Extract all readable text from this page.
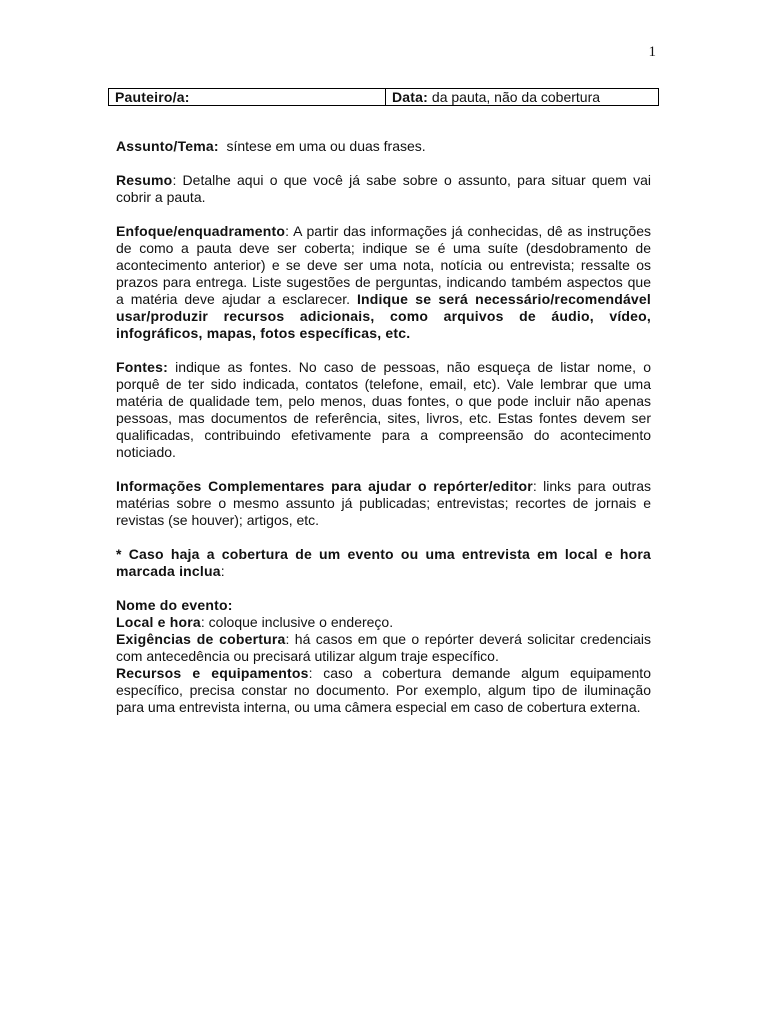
1
Pauteiro/a:	Data: da pauta, não da cobertura

Assunto/Tema: síntese em uma ou duas frases.

Resumo: Detalhe aqui o que você já sabe sobre o assunto, para situar quem vai cobrir a pauta.

Enfoque/enquadramento: A partir das informações já conhecidas, dê as instruções de como a pauta deve ser coberta; indique se é uma suíte (desdobramento de acontecimento anterior) e se deve ser uma nota, notícia ou entrevista; ressalte os prazos para entrega. Liste sugestões de perguntas, indicando também aspectos que a matéria deve ajudar a esclarecer. Indique se será necessário/recomendável usar/produzir recursos adicionais, como arquivos de áudio, vídeo, infográficos, mapas, fotos específicas, etc.

Fontes: indique as fontes. No caso de pessoas, não esqueça de listar nome, o porquê de ter sido indicada, contatos (telefone, email, etc). Vale lembrar que uma matéria de qualidade tem, pelo menos, duas fontes, o que pode incluir não apenas pessoas, mas documentos de referência, sites, livros, etc. Estas fontes devem ser qualificadas, contribuindo efetivamente para a compreensão do acontecimento noticiado.

Informações Complementares para ajudar o repórter/editor: links para outras matérias sobre o mesmo assunto já publicadas; entrevistas; recortes de jornais e revistas (se houver); artigos, etc.

* Caso haja a cobertura de um evento ou uma entrevista em local e hora marcada inclua:

Nome do evento:

Local e hora: coloque inclusive o endereço.

Exigências de cobertura: há casos em que o repórter deverá solicitar credenciais com antecedência ou precisará utilizar algum traje específico.

Recursos e equipamentos: caso a cobertura demande algum equipamento específico, precisa constar no documento. Por exemplo, algum tipo de iluminação para uma entrevista interna, ou uma câmera especial em caso de cobertura externa.
